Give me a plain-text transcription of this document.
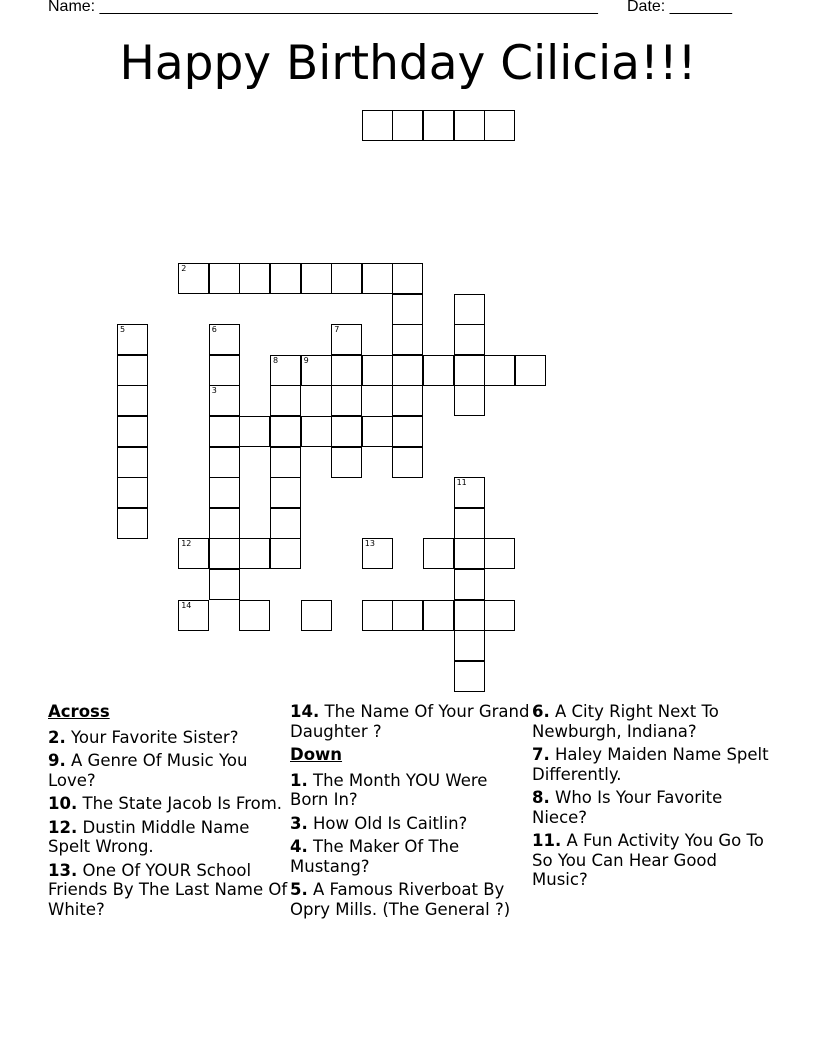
Name: ________________________________________________________ Date: _______
Happy Birthday Cilicia!!!
2
5	6
3
7
8	9
11
12	13
14
Across
2. Your Favorite Sister?
9. A Genre Of Music You Love?
10. The State Jacob Is From.
12. Dustin Middle Name Spelt Wrong.
13. One Of YOUR School Friends By The Last Name Of White?
14. The Name Of Your Grand Daughter ?
Down
1. The Month YOU Were Born In?
3. How Old Is Caitlin?
4. The Maker Of The Mustang?
5. A Famous Riverboat By Opry Mills. (The General ?)
6. A City Right Next To Newburgh, Indiana?
7. Haley Maiden Name Spelt Differently.
8. Who Is Your Favorite Niece?
11. A Fun Activity You Go To So You Can Hear Good Music?
